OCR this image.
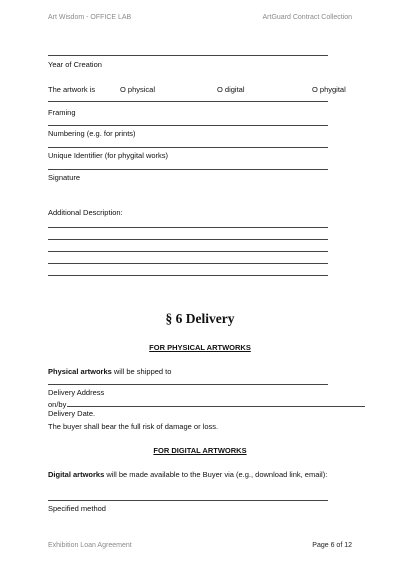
Art Wisdom - OFFICE LAB	ArtGuard Contract Collection
Year of Creation
The artwork is	O physical	O digital	O phygital
Framing
Numbering (e.g. for prints)
Unique Identifier (for phygital works)
Signature
Additional Description:
§ 6 Delivery
FOR PHYSICAL ARTWORKS
Physical artworks will be shipped to
Delivery Address
on/by
Delivery Date.
The buyer shall bear the full risk of damage or loss.
FOR DIGITAL ARTWORKS
Digital artworks will be made available to the Buyer via (e.g., download link, email):
Specified method
Exhibition Loan Agreement	Page 6 of 12
